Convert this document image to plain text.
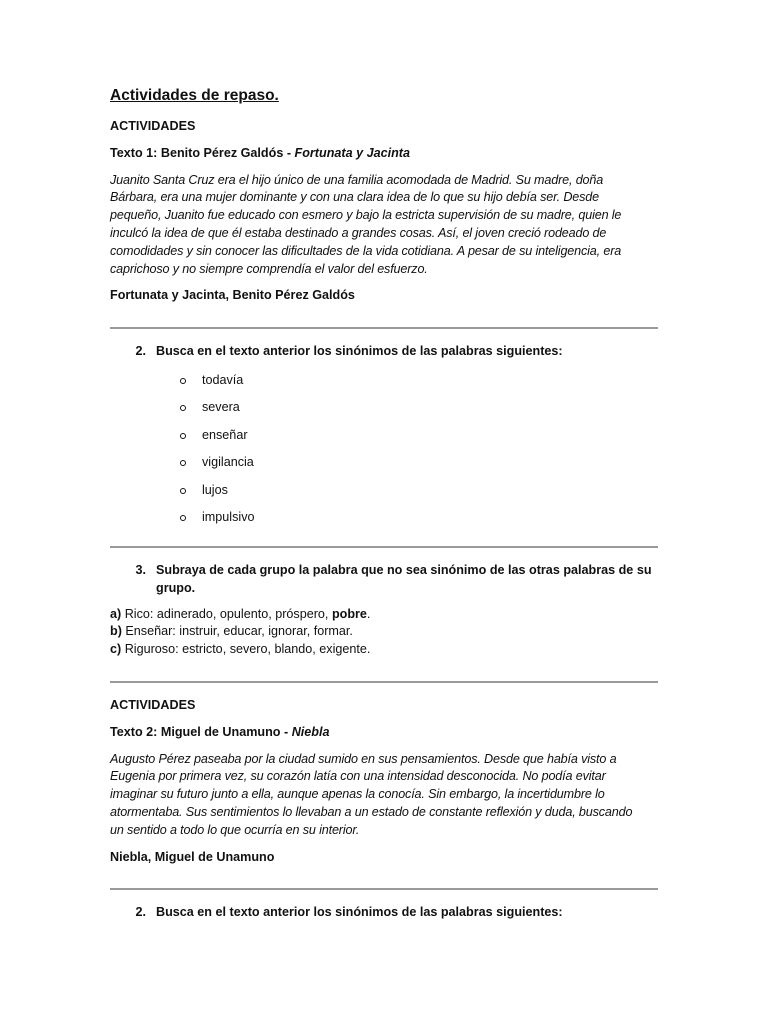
Actividades de repaso.
ACTIVIDADES
Texto 1: Benito Pérez Galdós - Fortunata y Jacinta
Juanito Santa Cruz era el hijo único de una familia acomodada de Madrid. Su madre, doña
Bárbara, era una mujer dominante y con una clara idea de lo que su hijo debía ser. Desde
pequeño, Juanito fue educado con esmero y bajo la estricta supervisión de su madre, quien le
inculcó la idea de que él estaba destinado a grandes cosas. Así, el joven creció rodeado de
comodidades y sin conocer las dificultades de la vida cotidiana. A pesar de su inteligencia, era
caprichoso y no siempre comprendía el valor del esfuerzo.
Fortunata y Jacinta, Benito Pérez Galdós
2. Busca en el texto anterior los sinónimos de las palabras siguientes:
todavía
severa
enseñar
vigilancia
lujos
impulsivo
3. Subraya de cada grupo la palabra que no sea sinónimo de las otras palabras de su grupo.
a) Rico: adinerado, opulento, próspero, pobre.
b) Enseñar: instruir, educar, ignorar, formar.
c) Riguroso: estricto, severo, blando, exigente.
ACTIVIDADES
Texto 2: Miguel de Unamuno - Niebla
Augusto Pérez paseaba por la ciudad sumido en sus pensamientos. Desde que había visto a
Eugenia por primera vez, su corazón latía con una intensidad desconocida. No podía evitar
imaginar su futuro junto a ella, aunque apenas la conocía. Sin embargo, la incertidumbre lo
atormentaba. Sus sentimientos lo llevaban a un estado de constante reflexión y duda, buscando
un sentido a todo lo que ocurría en su interior.
Niebla, Miguel de Unamuno
2. Busca en el texto anterior los sinónimos de las palabras siguientes:
